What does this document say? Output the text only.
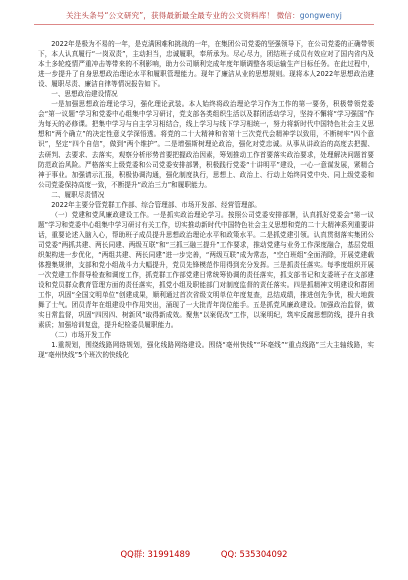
关注头条号“公文研究”，获得最新最全最专业的公文资料库！ 微信：gongwenyj

2022年是极为不易的一年，是克满困难和挑战的一年，在集团公司党委的坚强领导下，在公司党委的正确带领下，本人认真履行“一岗双责”，主动担当，忠诚履职，奉所承为。尽心尽力，团结班子成员有效应对了国内省内及本土多轮疫情严重冲击等带来的不利影响，助力公司顺利完成年度年顺调整各项运输生产目标任务。在此过程中，进一步提升了自身思想政治理论水平和履职管理能力。现年了廉洁从业的思想规则。现将本人2022年思想政治建设、履职尽责、廉洁自律等情况报告如下。

一、思想政治建设情况

一是加强思想政治理论学习，强化理论武装。本人始终将政治理论学习作为工作的第一要务，积极带领党委会“第一议题”学习和党委中心组集中学习研讨，党支部各类组织生活以及群团活动学习，坚持不懈将“学习强国”作为每天的必修课。把集中学习与自主学习相结合，线上学习与线下学习相统一，努力将新时代中国特色社会主义思想和“两个确立”的决定性意义学深悟透。将党的二十大精神和省第十三次党代会精神学以致用，不断树牢“四个意识”，坚定“四个自信”，做到“两个维护”。二是增强斯树理论政治，强化对党忠诚。从事从讲政治的高度去把握、去研判、去要求、去落实，观察分析形势首要把握政治因素，筹划推动工作首要落实政治要求，处理解决问题首要防范政治风险。严格落实上级党委和公司党委安排部署，积极践行党委“十讲明平”建设，一心一意谋发展，紧精合神于事业。加强请示汇报，积极协调沟通，强化制度执行，思想上、政治上、行动上始终同党中央、同上级党委和公司党委保持高度一致，不断提升“政治三力”和履职能力。

二、履职尽责情况

2022年主要分管党群工作部、综合管理部、市场开发部、经营管理部。

（一）党建和党风廉政建设工作。一是抓实政治理论学习。按照公司党委安排部署，认真抓好党委会“第一议题”学习和党委中心组集中学习研讨有关工作，切实推动新时代中国特色社会主义思想和党的二十大精神系列重要讲话，重要论述入脑入心，帮助班子成员提升思想政治理论水平和政策水平。二是抓党建引领。认真贯彻落实集团公司党委“两抓共建、两长同建、两级互联”和“三抓三融三提升”工作要求，推动党建与业务工作深度融合，基层党组织架构进一步优化，“两组共建、两长同建”进一步完善，“两级互联”成为常态，“空白班组”全面消除，开展党建载体搜集规律，支部和党小组战斗力大幅提升，党员先锋模范作用得到充分发挥。三是抓责任落实。每季度组织开展一次党建工作督导检查和调度工作，抓党群工作部党建日常统筹协调的责任落实，抓支部书记和支委班子在支部建设和党员群众教育管理方面的责任落实，抓党小组及职能部门对制度监督的责任落实。四是抓精神文明建设和群团工作，巩固“全国文明单位”创建成果，顺利通过首次省级文明单位年度复查，总结成绩，推进创先争优，极大地鼓舞了士气。团员青年在组建设中作用突出，涌现了一大批青年岗位能手。五是抓党风廉政建设。加强政治监督，做实日常监督，巩固“四因四、树新风”取得新成效。聚焦“以案促改”工作，以案明纪，筑牢反腐思想防线，提升自我素质；加强培训复盘，提升纪检委员履职能力。

（二）市场开发工作

1.重规划，围绕线路网络规划，强化线路网络建设。围绕“亳州快线”“环亳线”“重点线路”三大主轴线路，实现“亳州快线”5个班次的快线化

QQ群: 31991489	QQ: 535304092
